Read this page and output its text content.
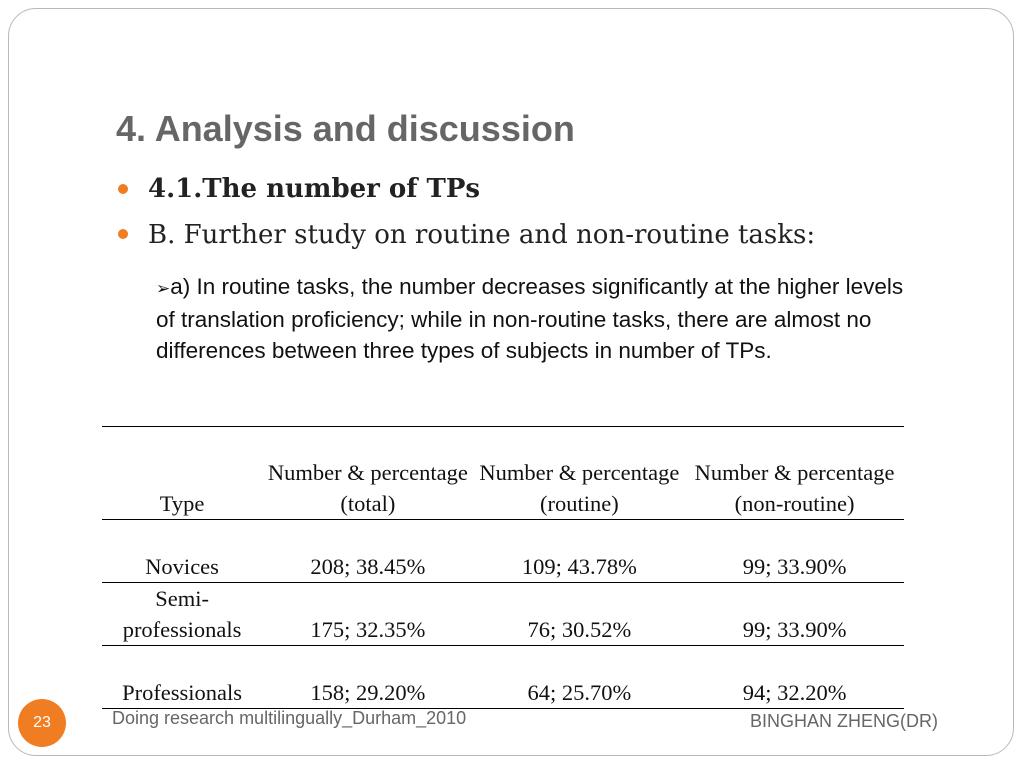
4. Analysis and discussion
4.1.The number of TPs
B. Further study on routine and non-routine tasks:
➢a) In routine tasks, the number decreases significantly at the higher levels of translation proficiency; while in non-routine tasks, there are almost no differences between three types of subjects in number of TPs.
Type	Number & percentage (total)	Number & percentage (routine)	Number & percentage (non-routine)
Novices	208; 38.45%	109; 43.78%	99; 33.90%
Semi-professionals	175; 32.35%	76; 30.52%	99; 33.90%
Professionals	158; 29.20%	64; 25.70%	94; 32.20%
23	Doing research multilingually_Durham_2010	BINGHAN ZHENG(DR)
